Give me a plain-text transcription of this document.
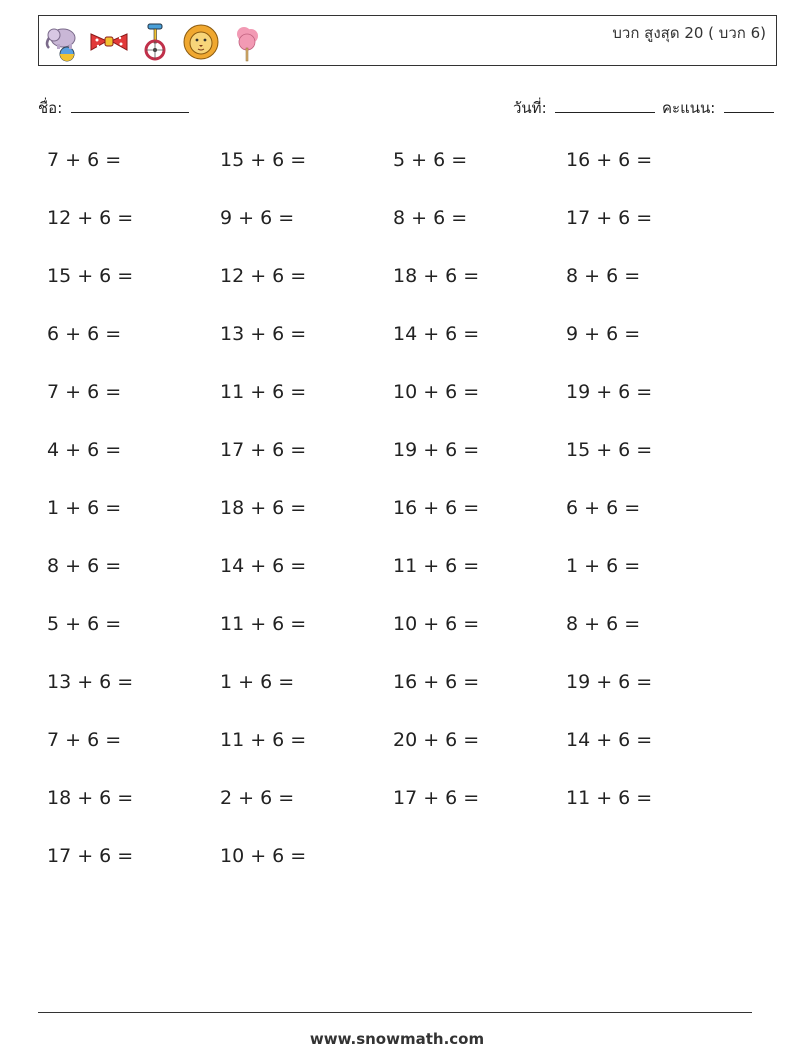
บวก สูงสุด 20 ( บวก 6)
ชื่อ:	วันที่:	คะแนน:
7 + 6 =	15 + 6 =	5 + 6 =	16 + 6 =
12 + 6 =	9 + 6 =	8 + 6 =	17 + 6 =
15 + 6 =	12 + 6 =	18 + 6 =	8 + 6 =
6 + 6 =	13 + 6 =	14 + 6 =	9 + 6 =
7 + 6 =	11 + 6 =	10 + 6 =	19 + 6 =
4 + 6 =	17 + 6 =	19 + 6 =	15 + 6 =
1 + 6 =	18 + 6 =	16 + 6 =	6 + 6 =
8 + 6 =	14 + 6 =	11 + 6 =	1 + 6 =
5 + 6 =	11 + 6 =	10 + 6 =	8 + 6 =
13 + 6 =	1 + 6 =	16 + 6 =	19 + 6 =
7 + 6 =	11 + 6 =	20 + 6 =	14 + 6 =
18 + 6 =	2 + 6 =	17 + 6 =	11 + 6 =
17 + 6 =	10 + 6 =
www.snowmath.com
